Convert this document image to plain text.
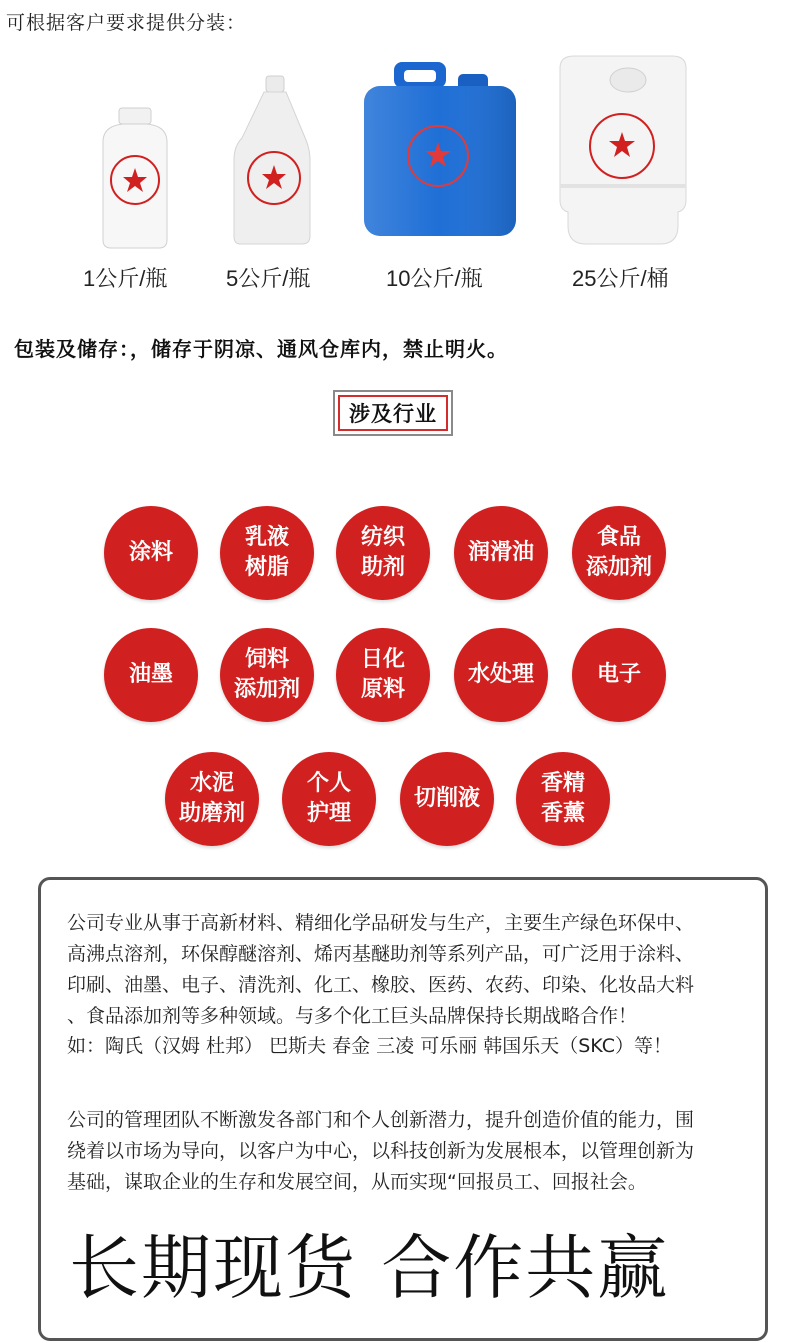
可根据客户要求提供分装：
1公斤/瓶	5公斤/瓶	10公斤/瓶	25公斤/桶
包装及储存：，储存于阴凉、通风仓库内，禁止明火。
涉及行业
涂料
乳液
树脂
纺织
助剂
润滑油
食品
添加剂
油墨
饲料
添加剂
日化
原料
水处理	电子
水泥
助磨剂
个人
护理
切削液
香精
香薰
公司专业从事于高新材料、精细化学品研发与生产，主要生产绿色环保中、
高沸点溶剂，环保醇醚溶剂、烯丙基醚助剂等系列产品，可广泛用于涂料、
印刷、油墨、电子、清洗剂、化工、橡胶、医药、农药、印染、化妆品大料
、食品添加剂等多种领域。与多个化工巨头品牌保持长期战略合作！
如：陶氏（汉姆 杜邦） 巴斯夫 春金 三凌 可乐丽 韩国乐天（SKC）等！
公司的管理团队不断激发各部门和个人创新潜力，提升创造价值的能力，围
绕着以市场为导向，以客户为中心，以科技创新为发展根本，以管理创新为
基础，谋取企业的生存和发展空间，从而实现“回报员工、回报社会。
长期现货 合作共赢
